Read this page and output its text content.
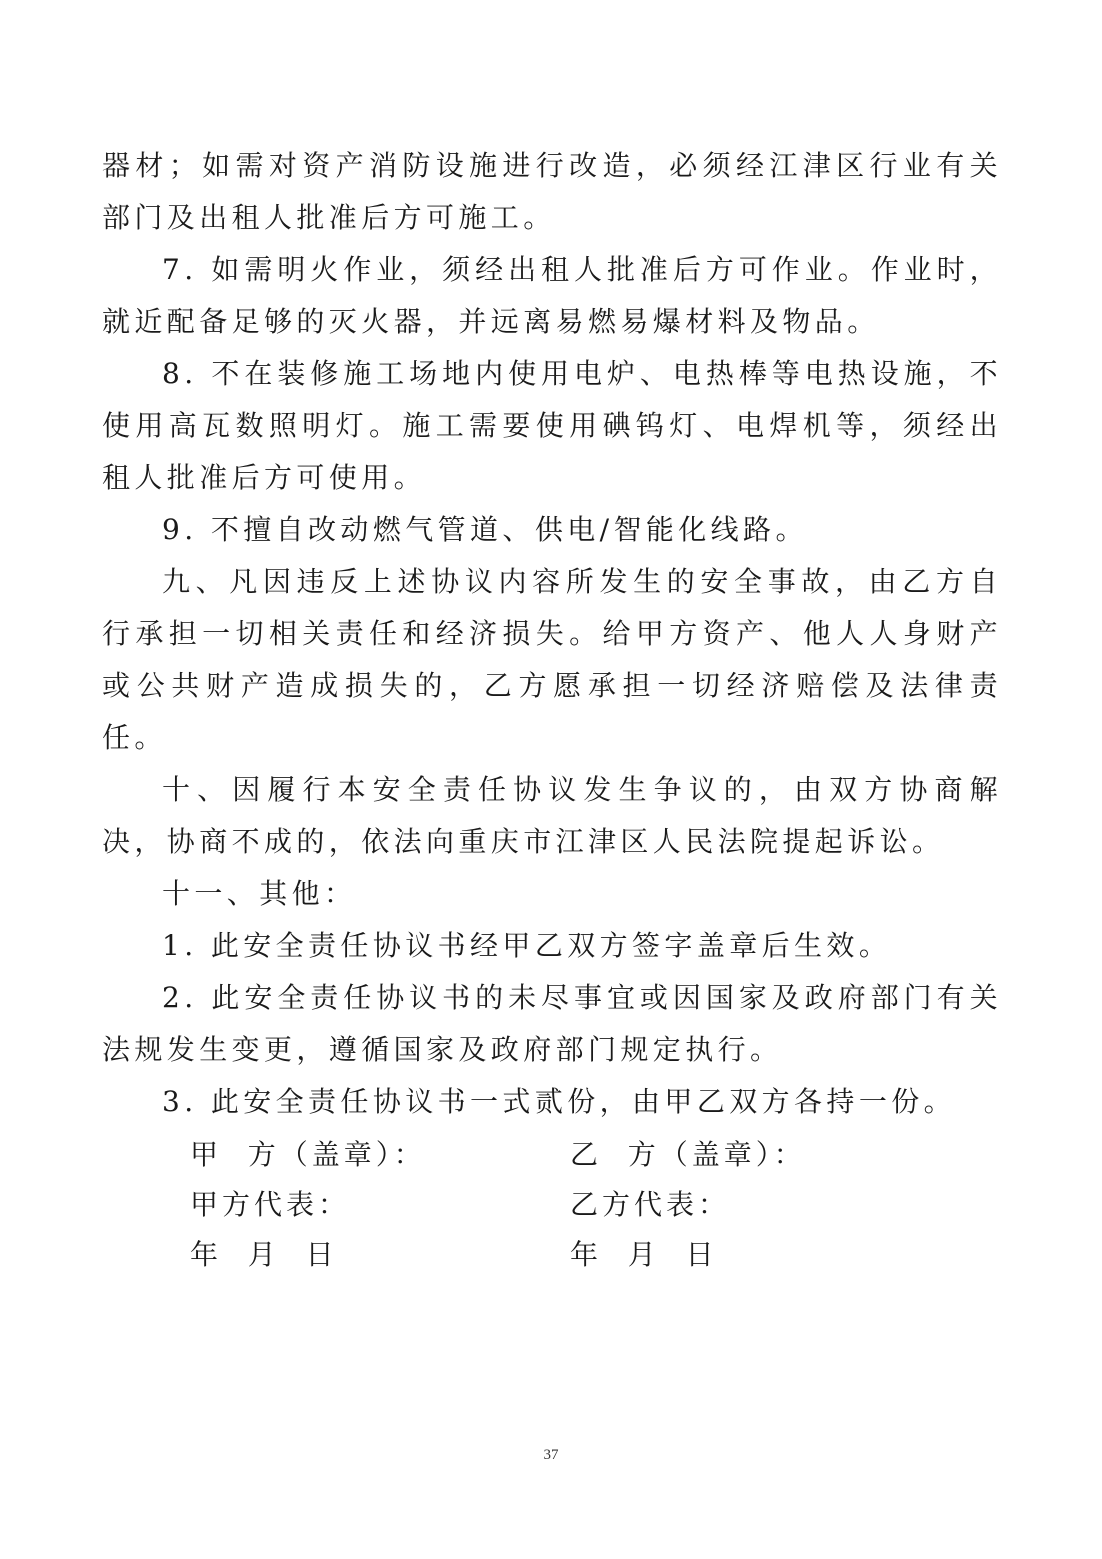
器材；如需对资产消防设施进行改造，必须经江津区行业有关部门及出租人批准后方可施工。

7. 如需明火作业，须经出租人批准后方可作业。作业时，就近配备足够的灭火器，并远离易燃易爆材料及物品。

8. 不在装修施工场地内使用电炉、电热棒等电热设施，不使用高瓦数照明灯。施工需要使用碘钨灯、电焊机等，须经出租人批准后方可使用。

9. 不擅自改动燃气管道、供电/智能化线路。

九、凡因违反上述协议内容所发生的安全事故，由乙方自行承担一切相关责任和经济损失。给甲方资产、他人人身财产或公共财产造成损失的，乙方愿承担一切经济赔偿及法律责任。

十、因履行本安全责任协议发生争议的，由双方协商解决，协商不成的，依法向重庆市江津区人民法院提起诉讼。

十一、其他：

1. 此安全责任协议书经甲乙双方签字盖章后生效。

2. 此安全责任协议书的未尽事宜或因国家及政府部门有关法规发生变更，遵循国家及政府部门规定执行。

3. 此安全责任协议书一式贰份，由甲乙双方各持一份。

甲  方（盖章）：	乙  方（盖章）：
甲方代表：	乙方代表：
年  月  日	年  月  日
37
